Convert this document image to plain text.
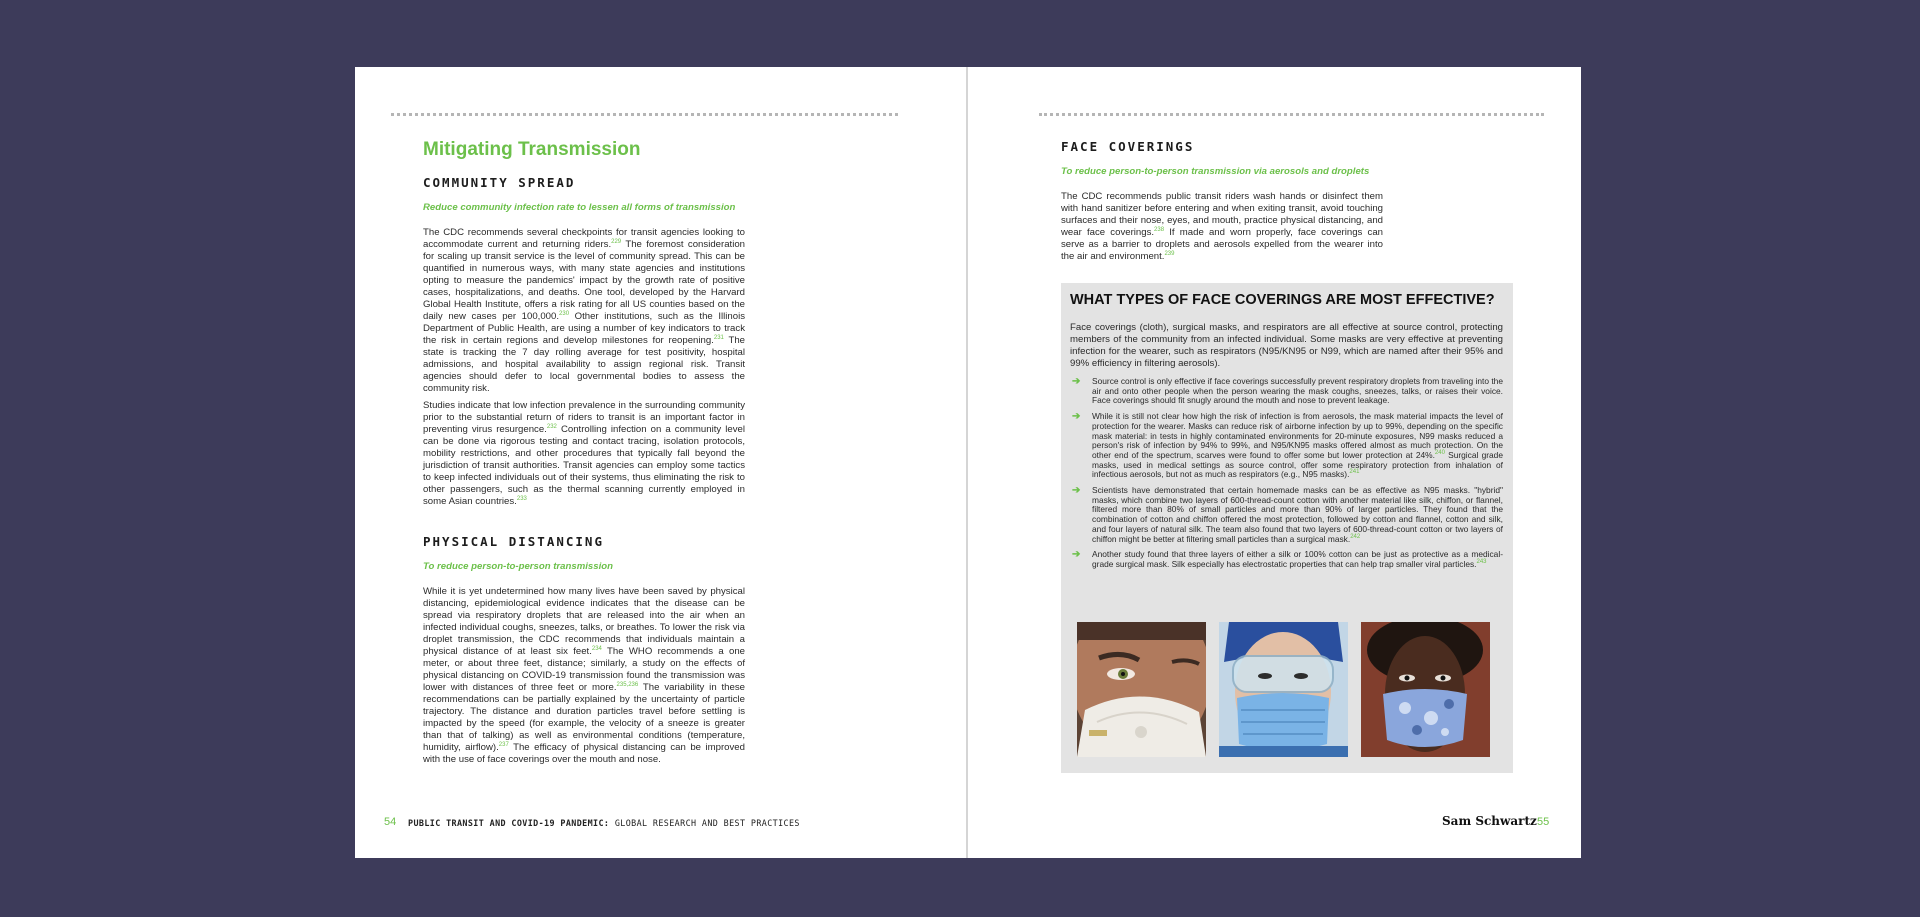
Mitigating Transmission
COMMUNITY SPREAD

Reduce community infection rate to lessen all forms of transmission

The CDC recommends several checkpoints for transit agencies looking to accommodate current and returning riders.$^{229}$ The foremost consideration for scaling up transit service is the level of community spread. This can be quantified in numerous ways, with many state agencies and institutions opting to measure the pandemics' impact by the growth rate of positive cases, hospitalizations, and deaths. One tool, developed by the Harvard Global Health Institute, offers a risk rating for all US counties based on the daily new cases per 100,000.$^{230}$ Other institutions, such as the Illinois Department of Public Health, are using a number of key indicators to track the risk in certain regions and develop milestones for reopening.$^{231}$ The state is tracking the 7 day rolling average for test positivity, hospital admissions, and hospital availability to assign regional risk. Transit agencies should defer to local governmental bodies to assess the community risk.

Studies indicate that low infection prevalence in the surrounding community prior to the substantial return of riders to transit is an important factor in preventing virus resurgence.$^{232}$ Controlling infection on a community level can be done via rigorous testing and contact tracing, isolation protocols, mobility restrictions, and other procedures that typically fall beyond the jurisdiction of transit authorities. Transit agencies can employ some tactics to keep infected individuals out of their systems, thus eliminating the risk to other passengers, such as the thermal scanning currently employed in some Asian countries.$^{233}$

PHYSICAL DISTANCING

To reduce person-to-person transmission

While it is yet undetermined how many lives have been saved by physical distancing, epidemiological evidence indicates that the disease can be spread via respiratory droplets that are released into the air when an infected individual coughs, sneezes, talks, or breathes. To lower the risk via droplet transmission, the CDC recommends that individuals maintain a physical distance of at least six feet.$^{234}$ The WHO recommends a one meter, or about three feet, distance; similarly, a study on the effects of physical distancing on COVID-19 transmission found the transmission was lower with distances of three feet or more.$^{235,236}$ The variability in these recommendations can be partially explained by the uncertainty of particle trajectory. The distance and duration particles travel before settling is impacted by the speed (for example, the velocity of a sneeze is greater than that of talking) as well as environmental conditions (temperature, humidity, airflow).$^{237}$ The efficacy of physical distancing can be improved with the use of face coverings over the mouth and nose.

54 PUBLIC TRANSIT AND COVID-19 PANDEMIC: GLOBAL RESEARCH AND BEST PRACTICES
FACE COVERINGS

To reduce person-to-person transmission via aerosols and droplets

The CDC recommends public transit riders wash hands or disinfect them with hand sanitizer before entering and when exiting transit, avoid touching surfaces and their nose, eyes, and mouth, practice physical distancing, and wear face coverings.$^{238}$ If made and worn properly, face coverings can serve as a barrier to droplets and aerosols expelled from the wearer into the air and environment.$^{239}$

WHAT TYPES OF FACE COVERINGS ARE MOST EFFECTIVE?

Face coverings (cloth), surgical masks, and respirators are all effective at source control, protecting members of the community from an infected individual. Some masks are very effective at preventing infection for the wearer, such as respirators (N95/KN95 or N99, which are named after their 95% and 99% efficiency in filtering aerosols).

➔ Source control is only effective if face coverings successfully prevent respiratory droplets from traveling into the air and onto other people when the person wearing the mask coughs, sneezes, talks, or raises their voice. Face coverings should fit snugly around the mouth and nose to prevent leakage.
➔ While it is still not clear how high the risk of infection is from aerosols, the mask material impacts the level of protection for the wearer. Masks can reduce risk of airborne infection by up to 99%, depending on the specific mask material: in tests in highly contaminated environments for 20-minute exposures, N99 masks reduced a person's risk of infection by 94% to 99%, and N95/KN95 masks offered almost as much protection. On the other end of the spectrum, scarves were found to offer some but lower protection at 24%.$^{240}$ Surgical grade masks, used in medical settings as source control, offer some respiratory protection from inhalation of infectious aerosols, but not as much as respirators (e.g., N95 masks).$^{241}$
➔ Scientists have demonstrated that certain homemade masks can be as effective as N95 masks. "hybrid" masks, which combine two layers of 600-thread-count cotton with another material like silk, chiffon, or flannel, filtered more than 80% of small particles and more than 90% of larger particles. They found that the combination of cotton and chiffon offered the most protection, followed by cotton and flannel, cotton and silk, and four layers of natural silk. The team also found that two layers of 600-thread-count cotton or two layers of chiffon might be better at filtering small particles than a surgical mask.$^{242}$
➔ Another study found that three layers of either a silk or 100% cotton can be just as protective as a medical-grade surgical mask. Silk especially has electrostatic properties that can help trap smaller viral particles.$^{243}$
Sam Schwartz 55
